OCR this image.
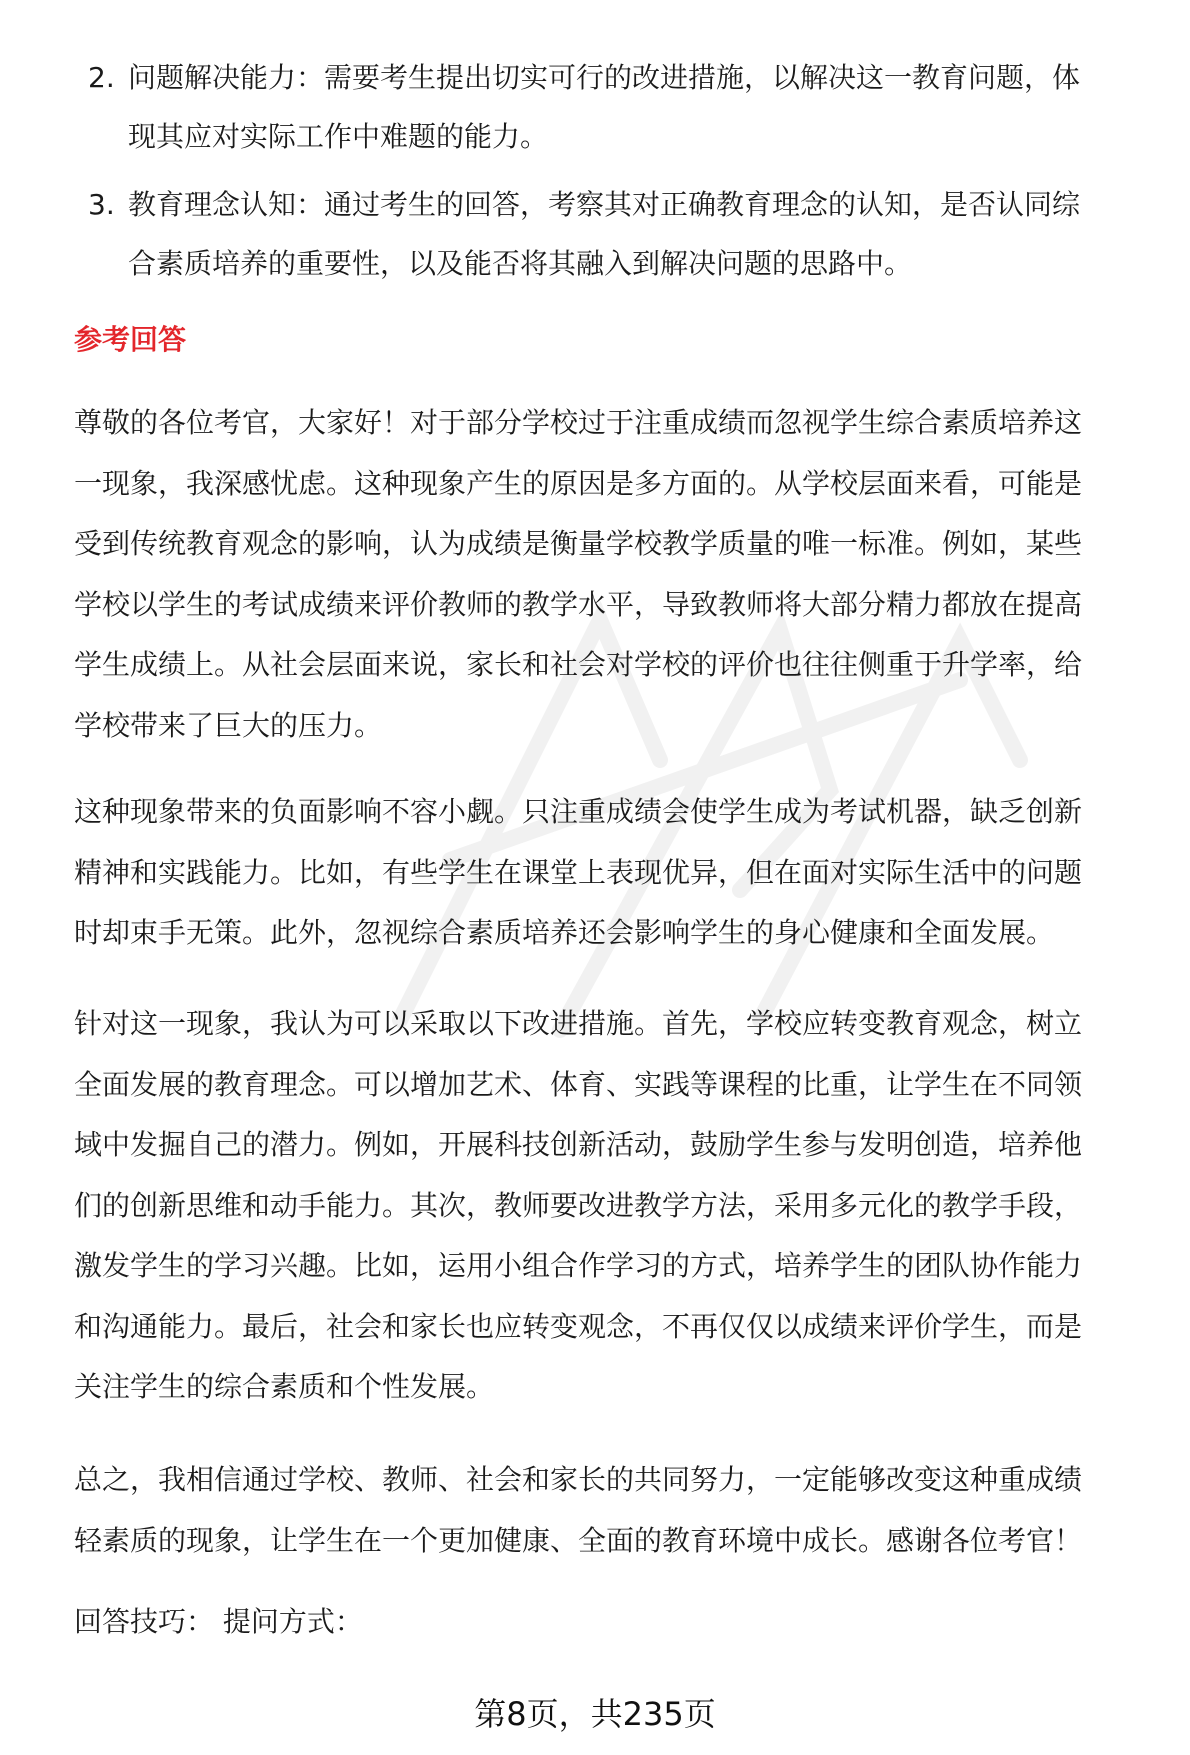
2. 问题解决能力：需要考生提出切实可行的改进措施，以解决这一教育问题，体
现其应对实际工作中难题的能力。
3. 教育理念认知：通过考生的回答，考察其对正确教育理念的认知，是否认同综
合素质培养的重要性，以及能否将其融入到解决问题的思路中。
参考回答
尊敬的各位考官，大家好！对于部分学校过于注重成绩而忽视学生综合素质培养这
一现象，我深感忧虑。这种现象产生的原因是多方面的。从学校层面来看，可能是
受到传统教育观念的影响，认为成绩是衡量学校教学质量的唯一标准。例如，某些
学校以学生的考试成绩来评价教师的教学水平，导致教师将大部分精力都放在提高
学生成绩上。从社会层面来说，家长和社会对学校的评价也往往侧重于升学率，给
学校带来了巨大的压力。
这种现象带来的负面影响不容小觑。只注重成绩会使学生成为考试机器，缺乏创新
精神和实践能力。比如，有些学生在课堂上表现优异，但在面对实际生活中的问题
时却束手无策。此外，忽视综合素质培养还会影响学生的身心健康和全面发展。
针对这一现象，我认为可以采取以下改进措施。首先，学校应转变教育观念，树立
全面发展的教育理念。可以增加艺术、体育、实践等课程的比重，让学生在不同领
域中发掘自己的潜力。例如，开展科技创新活动，鼓励学生参与发明创造，培养他
们的创新思维和动手能力。其次，教师要改进教学方法，采用多元化的教学手段，
激发学生的学习兴趣。比如，运用小组合作学习的方式，培养学生的团队协作能力
和沟通能力。最后，社会和家长也应转变观念，不再仅仅以成绩来评价学生，而是
关注学生的综合素质和个性发展。
总之，我相信通过学校、教师、社会和家长的共同努力，一定能够改变这种重成绩
轻素质的现象，让学生在一个更加健康、全面的教育环境中成长。感谢各位考官！
回答技巧： 提问方式：
第8页，共235页
